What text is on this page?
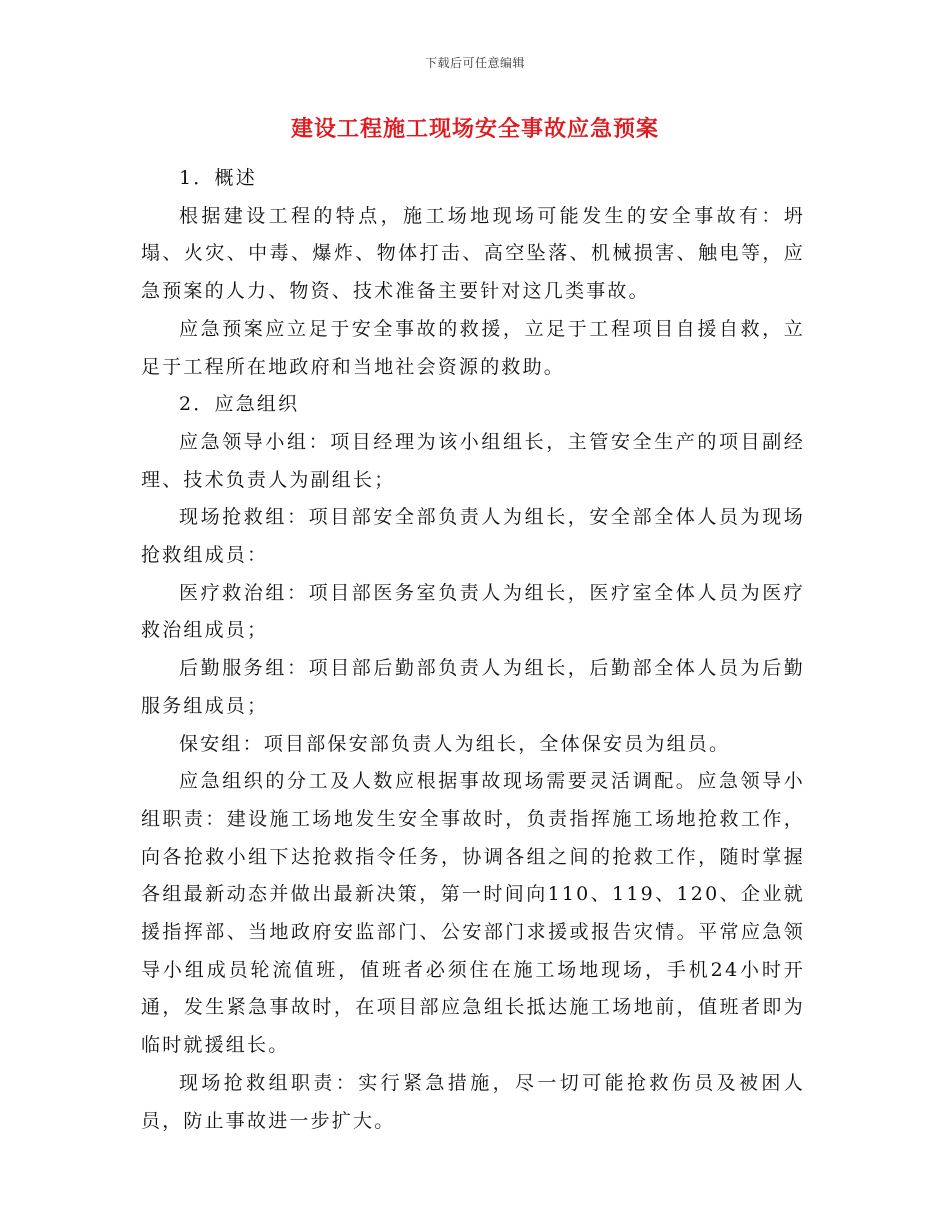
下载后可任意编辑
建设工程施工现场安全事故应急预案

1．概述

根据建设工程的特点，施工场地现场可能发生的安全事故有：坍塌、火灾、中毒、爆炸、物体打击、高空坠落、机械损害、触电等，应急预案的人力、物资、技术准备主要针对这几类事故。

应急预案应立足于安全事故的救援，立足于工程项目自援自救，立足于工程所在地政府和当地社会资源的救助。

2．应急组织

应急领导小组：项目经理为该小组组长，主管安全生产的项目副经理、技术负责人为副组长；

现场抢救组：项目部安全部负责人为组长，安全部全体人员为现场抢救组成员：

医疗救治组：项目部医务室负责人为组长，医疗室全体人员为医疗救治组成员；

后勤服务组：项目部后勤部负责人为组长，后勤部全体人员为后勤服务组成员；

保安组：项目部保安部负责人为组长，全体保安员为组员。

应急组织的分工及人数应根据事故现场需要灵活调配。应急领导小组职责：建设施工场地发生安全事故时，负责指挥施工场地抢救工作，向各抢救小组下达抢救指令任务，协调各组之间的抢救工作，随时掌握各组最新动态并做出最新决策，第一时间向110、119、120、企业就援指挥部、当地政府安监部门、公安部门求援或报告灾情。平常应急领导小组成员轮流值班，值班者必须住在施工场地现场，手机24小时开通，发生紧急事故时，在项目部应急组长抵达施工场地前，值班者即为临时就援组长。

现场抢救组职责：实行紧急措施，尽一切可能抢救伤员及被困人员，防止事故进一步扩大。
